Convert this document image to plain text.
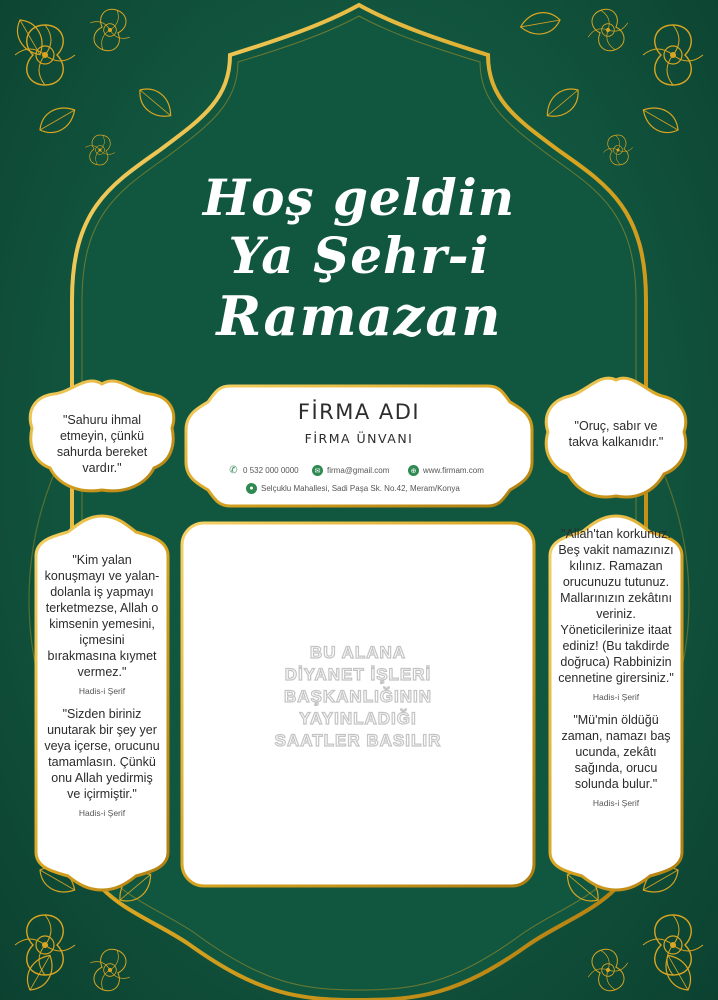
Hoş geldin
Ya Şehr-i
Ramazan
"Sahuru ihmal etmeyin, çünkü sahurda bereket vardır."
"Oruç, sabır ve takva kalkanıdır."
FİRMA ADI
FİRMA ÜNVANI
✆ 0 532 000 0000	✉ firma@gmail.com	⊕ www.firmam.com
● Selçuklu Mahallesi, Sadi Paşa Sk. No.42, Meram/Konya
"Kim yalan konuşmayı ve yalan-dolanla iş yapmayı terketmezse, Allah o kimsenin yemesini, içmesini bırakmasına kıymet vermez."
Hadis-i Şerif
"Sizden biriniz unutarak bir şey yer veya içerse, orucunu tamamlasın. Çünkü onu Allah yedirmiş ve içirmiştir."
Hadis-i Şerif
"Allah'tan korkunuz. Beş vakit namazınızı kılınız. Ramazan orucunuzu tutunuz. Mallarınızın zekâtını veriniz. Yöneticilerinize itaat ediniz! (Bu takdirde doğruca) Rabbinizin cennetine girersiniz."
Hadis-i Şerif
"Mü'min öldüğü zaman, namazı baş ucunda, zekâtı sağında, orucu solunda bulur."
Hadis-i Şerif
BU ALANA DİYANET İŞLERİ BAŞKANLIĞININ YAYINLADIĞI SAATLER BASILIR
